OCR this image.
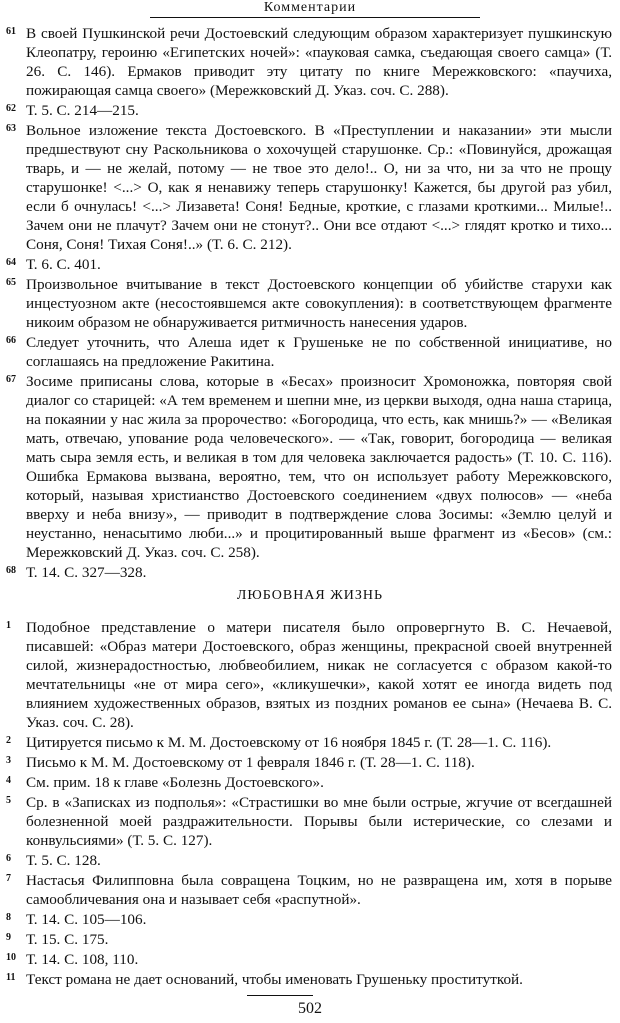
Комментарии

61 В своей Пушкинской речи Достоевский следующим образом характеризует пушкинскую Клеопатру, героиню «Египетских ночей»: «пауковая самка, съедающая своего самца» (Т. 26. С. 146). Ермаков приводит эту цитату по книге Мережковского: «паучиха, пожирающая самца своего» (Мережковский Д. Указ. соч. С. 288).

62 Т. 5. С. 214—215.

63 Вольное изложение текста Достоевского. В «Преступлении и наказании» эти мысли предшествуют сну Раскольникова о хохочущей старушонке. Ср.: «Повинуйся, дрожащая тварь, и — не желай, потому — не твое это дело!.. О, ни за что, ни за что не прощу старушонке! <...> О, как я ненавижу теперь старушонку! Кажется, бы другой раз убил, если б очнулась! <...> Лизавета! Соня! Бедные, кроткие, с глазами кроткими... Милые!.. Зачем они не плачут? Зачем они не стонут?.. Они все отдают <...> глядят кротко и тихо... Соня, Соня! Тихая Соня!..» (Т. 6. С. 212).

64 Т. 6. С. 401.

65 Произвольное вчитывание в текст Достоевского концепции об убийстве старухи как инцестуозном акте (несостоявшемся акте совокупления): в соответствующем фрагменте никоим образом не обнаруживается ритмичность нанесения ударов.

66 Следует уточнить, что Алеша идет к Грушеньке не по собственной инициативе, но соглашаясь на предложение Ракитина.

67 Зосиме приписаны слова, которые в «Бесах» произносит Хромоножка, повторяя свой диалог со старицей: «А тем временем и шепни мне, из церкви выходя, одна наша старица, на покаянии у нас жила за пророчество: «Богородица, что есть, как мнишь?» — «Великая мать, отвечаю, упование рода человеческого». — «Так, говорит, богородица — великая мать сыра земля есть, и великая в том для человека заключается радость» (Т. 10. С. 116). Ошибка Ермакова вызвана, вероятно, тем, что он использует работу Мережковского, который, называя христианство Достоевского соединением «двух полюсов» — «неба вверху и неба внизу», — приводит в подтверждение слова Зосимы: «Землю целуй и неустанно, ненасытимо люби...» и процитированный выше фрагмент из «Бесов» (см.: Мережковский Д. Указ. соч. С. 258).

68 Т. 14. С. 327—328.

ЛЮБОВНАЯ ЖИЗНЬ

1 Подобное представление о матери писателя было опровергнуто В. С. Нечаевой, писавшей: «Образ матери Достоевского, образ женщины, прекрасной своей внутренней силой, жизнерадостностью, любвеобилием, никак не согласуется с образом какой-то мечтательницы «не от мира сего», «кликушечки», какой хотят ее иногда видеть под влиянием художественных образов, взятых из поздних романов ее сына» (Нечаева В. С. Указ. соч. С. 28).

2 Цитируется письмо к М. М. Достоевскому от 16 ноября 1845 г. (Т. 28—1. С. 116).

3 Письмо к М. М. Достоевскому от 1 февраля 1846 г. (Т. 28—1. С. 118).

4 См. прим. 18 к главе «Болезнь Достоевского».

5 Ср. в «Записках из подполья»: «Страстишки во мне были острые, жгучие от всегдашней болезненной моей раздражительности. Порывы были истерические, со слезами и конвульсиями» (Т. 5. С. 127).

6 Т. 5. С. 128.

7 Настасья Филипповна была совращена Тоцким, но не развращена им, хотя в порыве самообличевания она и называет себя «распутной».

8 Т. 14. С. 105—106.

9 Т. 15. С. 175.

10 Т. 14. С. 108, 110.

11 Текст романа не дает оснований, чтобы именовать Грушеньку проституткой.

502
